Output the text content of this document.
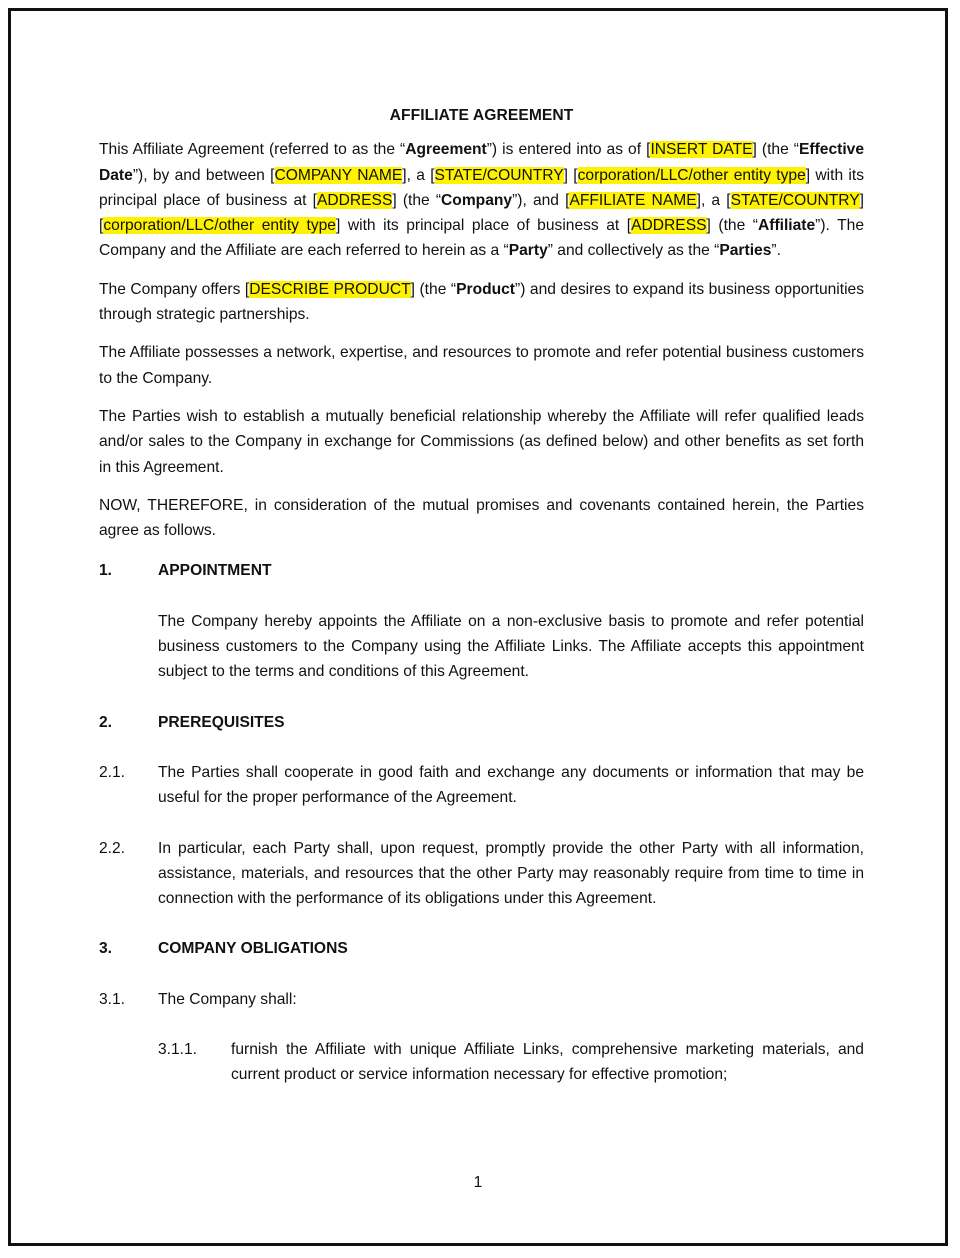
AFFILIATE AGREEMENT

This Affiliate Agreement (referred to as the “Agreement”) is entered into as of [INSERT DATE] (the “Effective Date”), by and between [COMPANY NAME], a [STATE/COUNTRY] [corporation/LLC/other entity type] with its principal place of business at [ADDRESS] (the “Company”), and [AFFILIATE NAME], a [STATE/COUNTRY] [corporation/LLC/other entity type] with its principal place of business at [ADDRESS] (the “Affiliate”). The Company and the Affiliate are each referred to herein as a “Party” and collectively as the “Parties”.

The Company offers [DESCRIBE PRODUCT] (the “Product”) and desires to expand its business opportunities through strategic partnerships.

The Affiliate possesses a network, expertise, and resources to promote and refer potential business customers to the Company.

The Parties wish to establish a mutually beneficial relationship whereby the Affiliate will refer qualified leads and/or sales to the Company in exchange for Commissions (as defined below) and other benefits as set forth in this Agreement.

NOW, THEREFORE, in consideration of the mutual promises and covenants contained herein, the Parties agree as follows.

1.	APPOINTMENT
The Company hereby appoints the Affiliate on a non-exclusive basis to promote and refer potential business customers to the Company using the Affiliate Links. The Affiliate accepts this appointment subject to the terms and conditions of this Agreement.
2.	PREREQUISITES
2.1.	The Parties shall cooperate in good faith and exchange any documents or information that may be useful for the proper performance of the Agreement.
2.2.	In particular, each Party shall, upon request, promptly provide the other Party with all information, assistance, materials, and resources that the other Party may reasonably require from time to time in connection with the performance of its obligations under this Agreement.
3.	COMPANY OBLIGATIONS
3.1.	The Company shall:
3.1.1.	furnish the Affiliate with unique Affiliate Links, comprehensive marketing materials, and current product or service information necessary for effective promotion;
1
